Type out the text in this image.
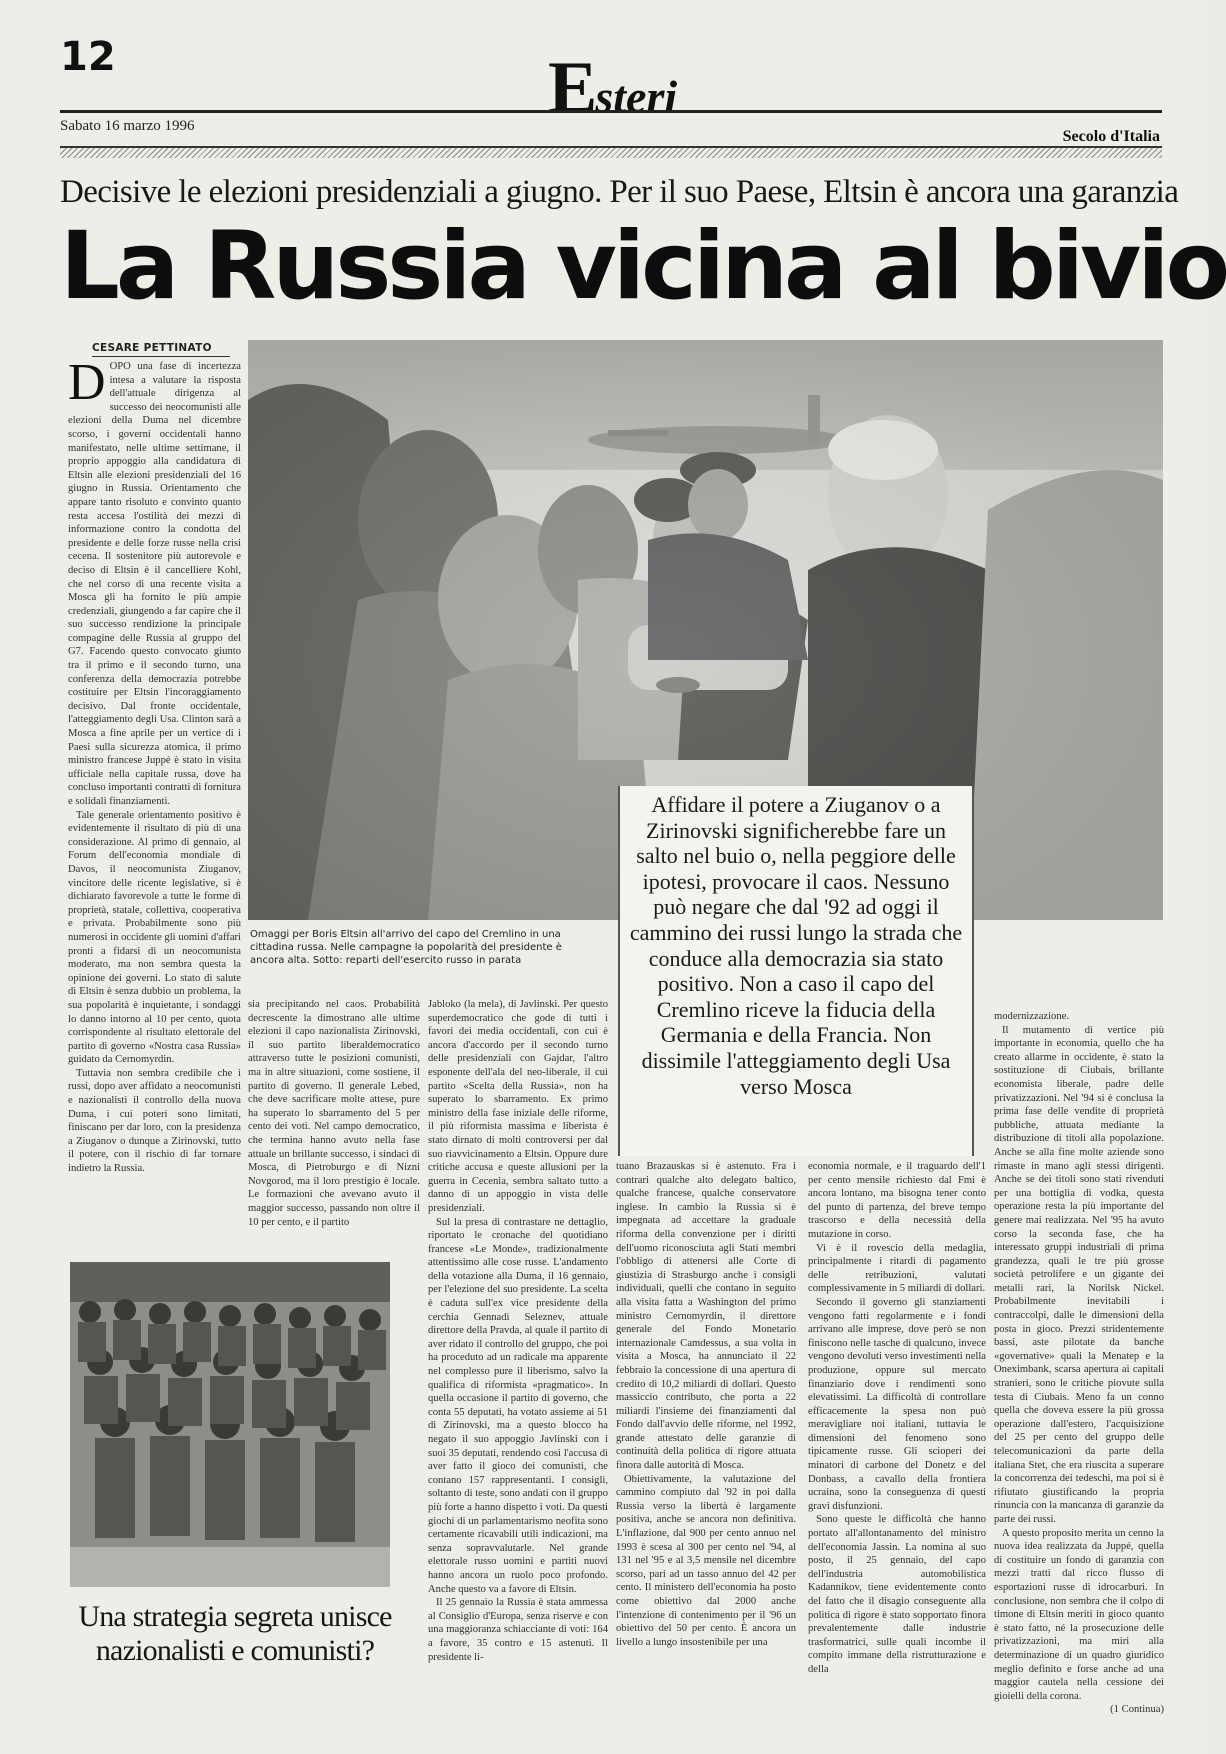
12	Esteri
Sabato 16 marzo 1996
Secolo d'Italia
Decisive le elezioni presidenziali a giugno. Per il suo Paese, Eltsin è ancora una garanzia
La Russia vicina al bivio
CESARE PETTINATO
D OPO una fase di incertezza intesa a valutare la risposta dell'attuale dirigenza al successo dei neocomunisti alle elezioni della Duma nel dicembre scorso, i governi occidentali hanno manifestato, nelle ultime settimane, il proprio appoggio alla candidatura di Eltsin alle elezioni presidenziali del 16 giugno in Russia. Orientamento che appare tanto risoluto e convinto quanto resta accesa l'ostilità dei mezzi di informazione contro la condotta del presidente e delle forze russe nella crisi cecena. Il sostenitore più autorevole e deciso di Eltsin è il cancelliere Kohl, che nel corso di una recente visita a Mosca gli ha fornito le più ampie credenziali, giungendo a far capire che il suo successo rendizione la principale compagine delle Russia al gruppo del G7. Facendo questo convocato giunto tra il primo e il secondo turno, una conferenza della democrazia potrebbe costituire per Eltsin l'incoraggiamento decisivo. Dal fronte occidentale, l'atteggiamento degli Usa. Clinton sarà a Mosca a fine aprile per un vertice di i Paesi sulla sicurezza atomica, il primo ministro francese Juppé è stato in visita ufficiale nella capitale russa, dove ha concluso importanti contratti di fornitura e solidali finanziamenti.

Tale generale orientamento positivo è evidentemente il risultato di più di una considerazione. Al primo di gennaio, al Forum dell'economia mondiale di Davos, il neocomunista Ziuganov, vincitore delle ricente legislative, si è dichiarato favorevole a tutte le forme di proprietà, statale, collettiva, cooperativa e privata. Probabilmente sono più numerosi in occidente gli uomini d'affari pronti a fidarsi di un neocomunista moderato, ma non sembra questa la opinione dei governi. Lo stato di salute di Eltsin è senza dubbio un problema, la sua popolarità è inquietante, i sondaggi lo danno intorno al 10 per cento, quota corrispondente al risultato elettorale del partito di governo «Nostra casa Russia» guidato da Cernomyrdin.

Tuttavia non sembra credibile che i russi, dopo aver affidato a neocomunisti e nazionalisti il controllo della nuova Duma, i cui poteri sono limitati, finiscano per dar loro, con la presidenza a Ziuganov o dunque a Zirinovski, tutto il potere, con il rischio di far tornare indietro la Russia.

Omaggi per Boris Eltsin all'arrivo del capo del Cremlino in una cittadina russa. Nelle campagne la popolarità del presidente è ancora alta. Sotto: reparti dell'esercito russo in parata
Affidare il potere a Ziuganov o a Zirinovski significherebbe fare un salto nel buio o, nella peggiore delle ipotesi, provocare il caos. Nessuno può negare che dal '92 ad oggi il cammino dei russi lungo la strada che conduce alla democrazia sia stato positivo. Non a caso il capo del Cremlino riceve la fiducia della Germania e della Francia. Non dissimile l'atteggiamento degli Usa verso Mosca

sia precipitando nel caos. Probabilità decrescente la dimostrano alle ultime elezioni il capo nazionalista Zirinovski, il suo partito liberaldemocratico attraverso tutte le posizioni comunisti, ma in altre situazioni, come sostiene, il partito di governo. Il generale Lebed, che deve sacrificare molte attese, pure ha superato lo sbarramento del 5 per cento dei voti. Nel campo democratico, che termina hanno avuto nella fase attuale un brillante successo, i sindaci di Mosca, di Pietroburgo e di Nizni Novgorod, ma il loro prestigio è locale. Le formazioni che avevano avuto il maggior successo, passando non oltre il 10 per cento, e il partito

Jabloko (la mela), di Javlinski. Per questo superdemocratico che gode di tutti i favori dei media occidentali, con cui è ancora d'accordo per il secondo turno delle presidenziali con Gajdar, l'altro esponente dell'ala del neo-liberale, il cui partito «Scelta della Russia», non ha superato lo sbarramento. Ex primo ministro della fase iniziale delle riforme, il più riformista massima e liberista è stato dirnato di molti controversi per dal suo riavvicinamento a Eltsin. Oppure dure critiche accusa e queste allusioni per la guerra in Cecenia, sembra saltato tutto a danno di un appoggio in vista delle presidenziali.

Sul la presa di contrastare ne dettaglio, riportato le cronache del quotidiano francese «Le Monde», tradizionalmente attentissimo alle cose russe. L'andamento della votazione alla Duma, il 16 gennaio, per l'elezione del suo presidente. La scelta è caduta sull'ex vice presidente della cerchia Gennadi Seleznev, attuale direttore della Pravda, al quale il partito di aver ridato il controllo del gruppo, che poi ha proceduto ad un radicale ma apparente nel complesso pure il liberismo, salvo la qualifica di riformista «pragmatico». In quella occasione il partito di governo, che conta 55 deputati, ha votato assieme ai 51 di Zirinovski, ma a questo blocco ha negato il suo appoggio Javlinski con i suoi 35 deputati, rendendo così l'accusa di aver fatto il gioco dei comunisti, che contano 157 rappresentanti. I consigli, soltanto di teste, sono andati con il gruppo più forte a hanno dispetto i voti. Da questi giochi di un parlamentarismo neofita sono certamente ricavabili utili indicazioni, ma senza sopravvalutarle. Nel grande elettorale russo uomini e partiti nuovi hanno ancora un ruolo poco profondo. Anche questo va a favore di Eltsin.

Il 25 gennaio la Russia è stata ammessa al Consiglio d'Europa, senza riserve e con una maggioranza schiacciante di voti: 164 a favore, 35 contro e 15 astenuti. Il presidente li-

tuano Brazauskas si è astenuto. Fra i contrari qualche alto delegato baltico, qualche francese, qualche conservatore inglese. In cambio la Russia si è impegnata ad accettare la graduale riforma della convenzione per i diritti dell'uomo riconosciuta agli Stati membri l'obbligo di attenersi alle Corte di giustizia di Strasburgo anche i consigli individuali, quelli che contano in seguito alla visita fatta a Washington del primo ministro Cernomyrdin, il direttore generale del Fondo Monetario internazionale Camdessus, a sua volta in visita a Mosca, ha annunciato il 22 febbraio la concessione di una apertura di credito di 10,2 miliardi di dollari. Questo massiccio contributo, che porta a 22 miliardi l'insieme dei finanziamenti dal Fondo dall'avvio delle riforme, nel 1992, grande attestato delle garanzie di continuità della politica di rigore attuata finora dalle autorità di Mosca.

Obiettivamente, la valutazione del cammino compiuto dal '92 in poi dalla Russia verso la libertà è largamente positiva, anche se ancora non definitiva. L'inflazione, dal 900 per cento annuo nel 1993 è scesa al 300 per cento nel '94, al 131 nel '95 e al 3,5 mensile nel dicembre scorso, pari ad un tasso annuo del 42 per cento. Il ministero dell'economia ha posto come obiettivo dal 2000 anche l'intenzione di contenimento per il '96 un obiettivo del 50 per cento. È ancora un livello a lungo insostenibile per una

economia normale, e il traguardo dell'1 per cento mensile richiesto dal Fmi è ancora lontano, ma bisogna tener conto del punto di partenza, del breve tempo trascorso e della necessità della mutazione in corso.

Vi è il rovescio della medaglia, principalmente i ritardi di pagamento delle retribuzioni, valutati complessivamente in 5 miliardi di dollari.

Secondo il governo gli stanziamenti vengono fatti regolarmente e i fondi arrivano alle imprese, dove però se non finiscono nelle tasche di qualcuno, invece vengono devoluti verso investimenti nella produzione, oppure sul mercato finanziario dove i rendimenti sono elevatissimi. La difficoltà di controllare efficacemente la spesa non può meravigliare noi italiani, tuttavia le dimensioni del fenomeno sono tipicamente russe. Gli scioperi dei minatori di carbone del Donetz e del Donbass, a cavallo della frontiera ucraina, sono la conseguenza di questi gravi disfunzioni.

Sono queste le difficoltà che hanno portato all'allontanamento del ministro dell'economia Jassin. La nomina al suo posto, il 25 gennaio, del capo dell'industria automobilistica Kadannikov, tiene evidentemente conto del fatto che il disagio conseguente alla politica di rigore è stato sopportato finora prevalentemente dalle industrie trasformatrici, sulle quali incombe il compito immane della ristrutturazione e della

modernizzazione.

Il mutamento di vertice più importante in economia, quello che ha creato allarme in occidente, è stato la sostituzione di Ciubais, brillante economista liberale, padre delle privatizzazioni. Nel '94 si è conclusa la prima fase delle vendite di proprietà pubbliche, attuata mediante la distribuzione di titoli alla popolazione. Anche se alla fine molte aziende sono rimaste in mano agli stessi dirigenti. Anche se dei titoli sono stati rivenduti per una bottiglia di vodka, questa operazione resta la più importante del genere mai realizzata. Nel '95 ha avuto corso la seconda fase, che ha interessato gruppi industriali di prima grandezza, quali le tre più grosse società petrolifere e un gigante dei metalli rari, la Norilsk Nickel. Probabilmente inevitabili i contraccolpi, dalle le dimensioni della posta in gioco. Prezzi stridentemente bassi, aste pilotate da banche «governative» quali la Menatep e la Oneximbank, scarsa apertura ai capitali stranieri, sono le critiche piovute sulla testa di Ciubais. Meno fa un conno quella che doveva essere la più grossa operazione dall'estero, l'acquisizione del 25 per cento del gruppo delle telecomunicazioni da parte della italiana Stet, che era riuscita a superare la concorrenza dei tedeschi, ma poi si è rifiutato giustificando la propria rinuncia con la mancanza di garanzie da parte dei russi.

A questo proposito merita un cenno la nuova idea realizzata da Juppé, quella di costituire un fondo di garanzia con mezzi tratti dal ricco flusso di esportazioni russe di idrocarburi. In conclusione, non sembra che il colpo di timone di Eltsin meriti in gioco quanto è stato fatto, né la prosecuzione delle privatizzazioni, ma miri alla determinazione di un quadro giuridico meglio definito e forse anche ad una maggior cautela nella cessione dei gioielli della corona.

(1 Continua)

Una strategia segreta unisce nazionalisti e comunisti?
